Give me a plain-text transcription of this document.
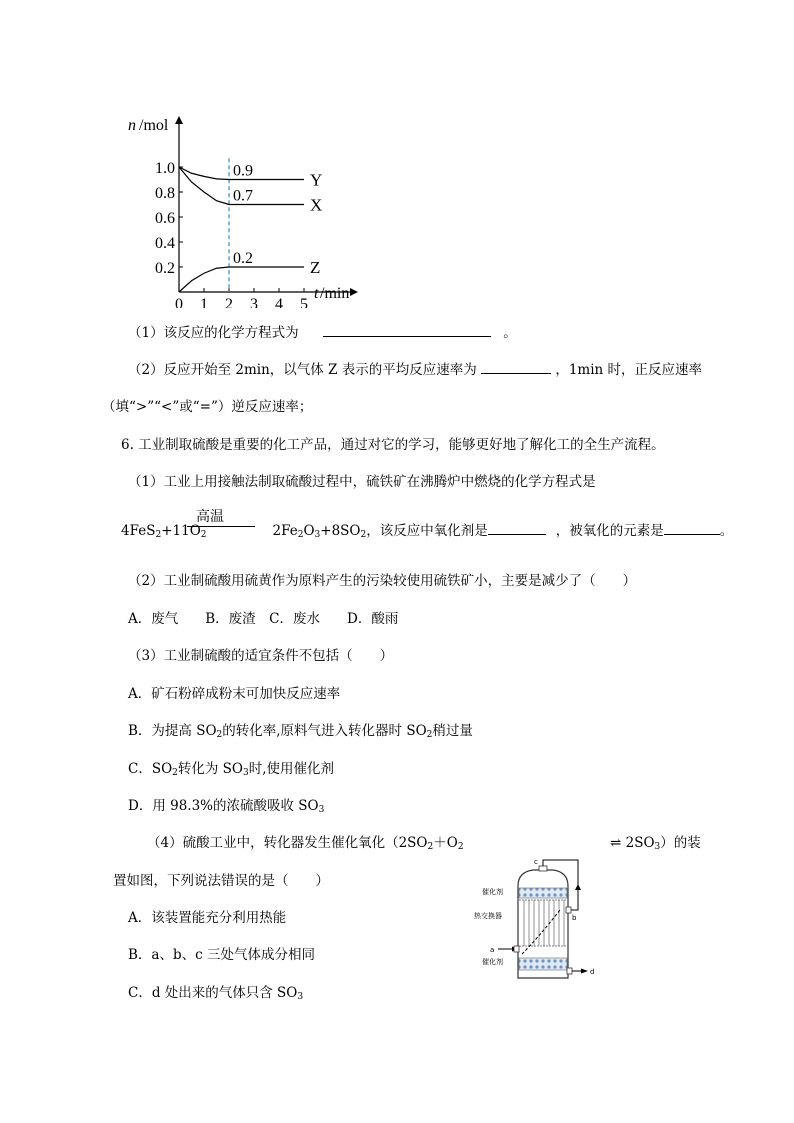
n /mol
t /min
0 1 2 3 4 5
1.0
0.8
0.6
0.4
0.2
0.9	Y
0.7	X
0.2	Z
（1）该反应的化学方程式为	。
（2）反应开始至 2min，以气体 Z 表示的平均反应速率为	，1min 时，正反应速率
（填“>”“<”或“=”）逆反应速率；
6. 工业制取硫酸是重要的化工产品，通过对它的学习，能够更好地了解化工的全生产流程。
（1）工业上用接触法制取硫酸过程中，硫铁矿在沸腾炉中燃烧的化学方程式是
高温
$4FeS_2+11O_2$	$2Fe_2O_3+8SO_2$，该反应中氧化剂是	，被氧化的元素是	。
（2）工业制硫酸用硫黄作为原料产生的污染较使用硫铁矿小，主要是减少了（　　）
A．废气　　B．废渣　C．废水　　D．酸雨
（3）工业制硫酸的适宜条件不包括（　　）
A．矿石粉碎成粉末可加快反应速率
B．为提高 $SO_2$的转化率,原料气进入转化器时 $SO_2$稍过量
C．$SO_2$转化为 $SO_3$时,使用催化剂
D．用 98.3%的浓硫酸吸收 $SO_3$
（4）硫酸工业中，转化器发生催化氧化（$2SO_2+O_2$	⇌ $2SO_3$）的装
置如图，下列说法错误的是（　　）
A．该装置能充分利用热能
B．a、b、c 三处气体成分相同
C．d 处出来的气体只含 $SO_3$
c
b
a
d
催化剂
热交换器
催化剂
